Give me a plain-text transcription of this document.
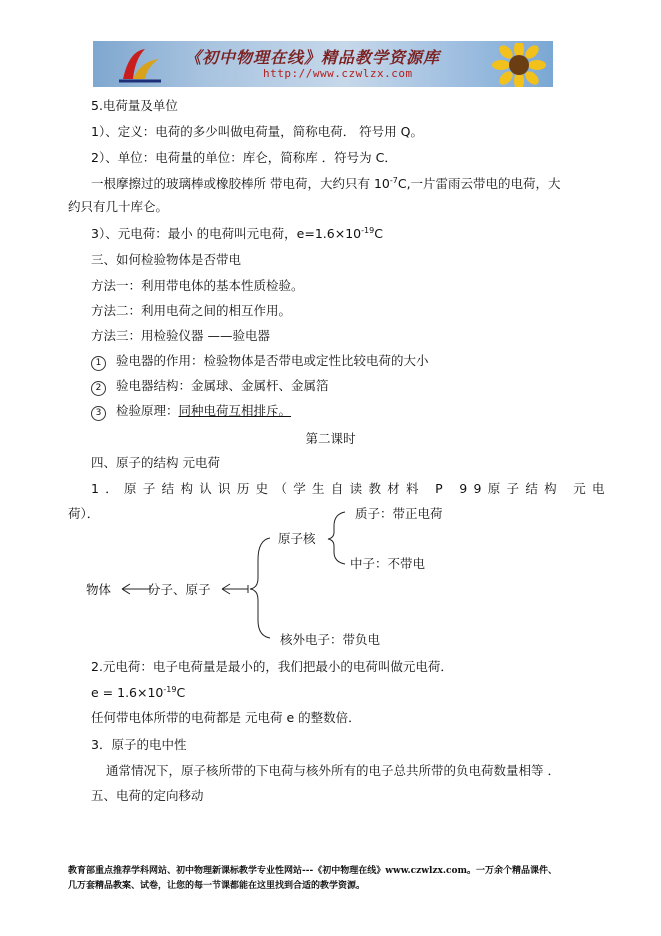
《初中物理在线》精品教学资源库
http://www.czwlzx.com
5.电荷量及单位
1）、定义：电荷的多少叫做电荷量，简称电荷． 符号用 Q。
2）、单位：电荷量的单位：库仑，简称库 ．符号为 C．
一根摩擦过的玻璃棒或橡胶棒所 带电荷，大约只有 $10^{-7}C$,一片雷雨云带电的电荷，大
约只有几十库仑。
3）、元电荷：最小 的电荷叫元电荷，$e=1.6\times 10^{-19}C$
三、如何检验物体是否带电
方法一：利用带电体的基本性质检验。
方法二：利用电荷之间的相互作用。
方法三：用检验仪器 ——验电器
1 验电器的作用：检验物体是否带电或定性比较电荷的大小
2 验电器结构：金属球、金属杆、金属箔
3 检验原理：同种电荷互相排斥。
第二课时
四、原子的结构 元电荷
1．原子结构认识历史（学生自读教材料 P 99原子结构 元电
荷）．
物体	分子、原子
原子核
质子：带正电荷
中子：不带电
核外电子：带负电
2.元电荷：电子电荷量是最小的，我们把最小的电荷叫做元电荷．
$e = 1.6\times 10^{-19}C$
任何带电体所带的电荷都是 元电荷 e 的整数倍．
3．原子的电中性
通常情况下，原子核所带的下电荷与核外所有的电子总共所带的负电荷数量相等 ．
五、电荷的定向移动
教育部重点推荐学科网站、初中物理新课标教学专业性网站---《初中物理在线》www.czwlzx.com。一万余个精品课件、
几万套精品教案、试卷，让您的每一节课都能在这里找到合适的教学资源。
